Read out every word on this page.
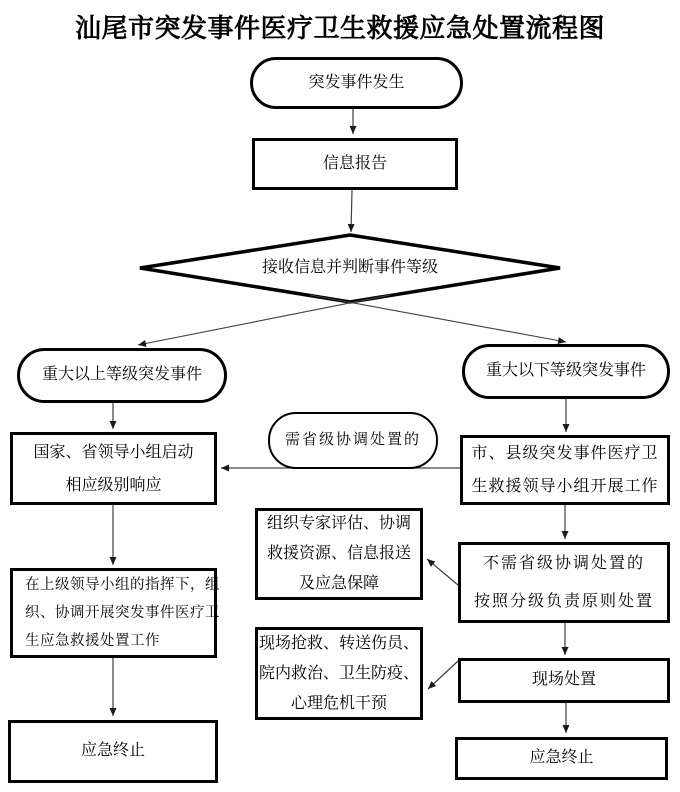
汕尾市突发事件医疗卫生救援应急处置流程图
突发事件发生
信息报告
接收信息并判断事件等级
重大以上等级突发事件	重大以下等级突发事件
需省级协调处置的
国家、省领导小组启动
相应级别响应
市、县级突发事件医疗卫
生救援领导小组开展工作
组织专家评估、协调
救援资源、信息报送
及应急保障
不需省级协调处置的
按照分级负责原则处置
在上级领导小组的指挥下，组
织、协调开展突发事件医疗卫
生应急救援处置工作	现场抢救、转送伤员、
院内救治、卫生防疫、
心理危机干预
现场处置
应急终止
应急终止
